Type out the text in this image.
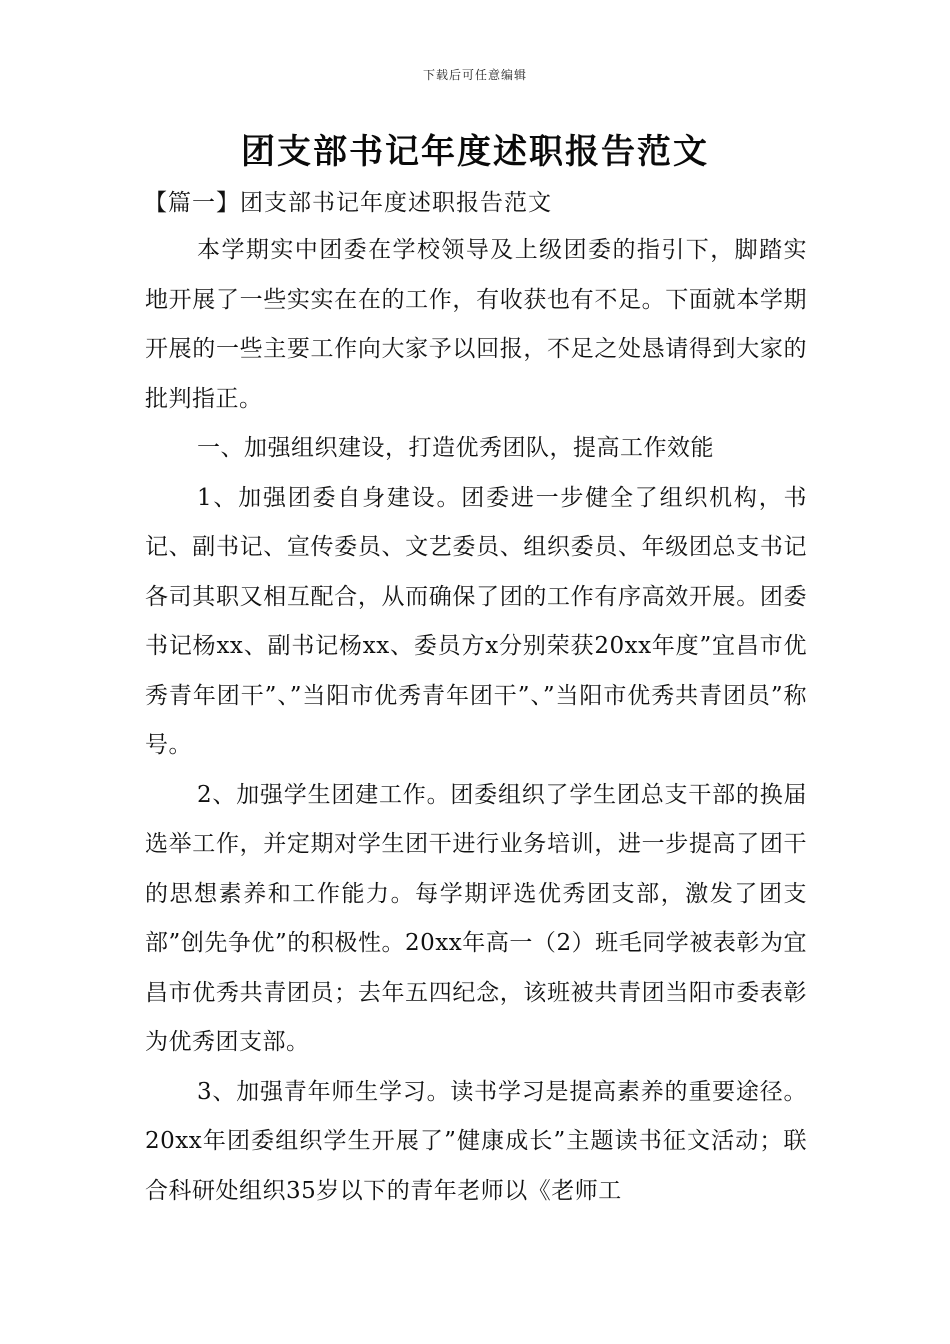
下载后可任意编辑
团支部书记年度述职报告范文
【篇一】团支部书记年度述职报告范文

本学期实中团委在学校领导及上级团委的指引下，脚踏实地开展了一些实实在在的工作，有收获也有不足。下面就本学期开展的一些主要工作向大家予以回报，不足之处恳请得到大家的批判指正。

一、加强组织建设，打造优秀团队，提高工作效能

1、加强团委自身建设。团委进一步健全了组织机构，书记、副书记、宣传委员、文艺委员、组织委员、年级团总支书记各司其职又相互配合，从而确保了团的工作有序高效开展。团委书记杨xx、副书记杨xx、委员方x分别荣获20xx年度”宜昌市优秀青年团干”、”当阳市优秀青年团干”、”当阳市优秀共青团员”称号。

2、加强学生团建工作。团委组织了学生团总支干部的换届选举工作，并定期对学生团干进行业务培训，进一步提高了团干的思想素养和工作能力。每学期评选优秀团支部，激发了团支部”创先争优”的积极性。20xx年高一（2）班毛同学被表彰为宜昌市优秀共青团员；去年五四纪念，该班被共青团当阳市委表彰为优秀团支部。

3、加强青年师生学习。读书学习是提高素养的重要途径。20xx年团委组织学生开展了”健康成长”主题读书征文活动；联合科研处组织35岁以下的青年老师以《老师工
